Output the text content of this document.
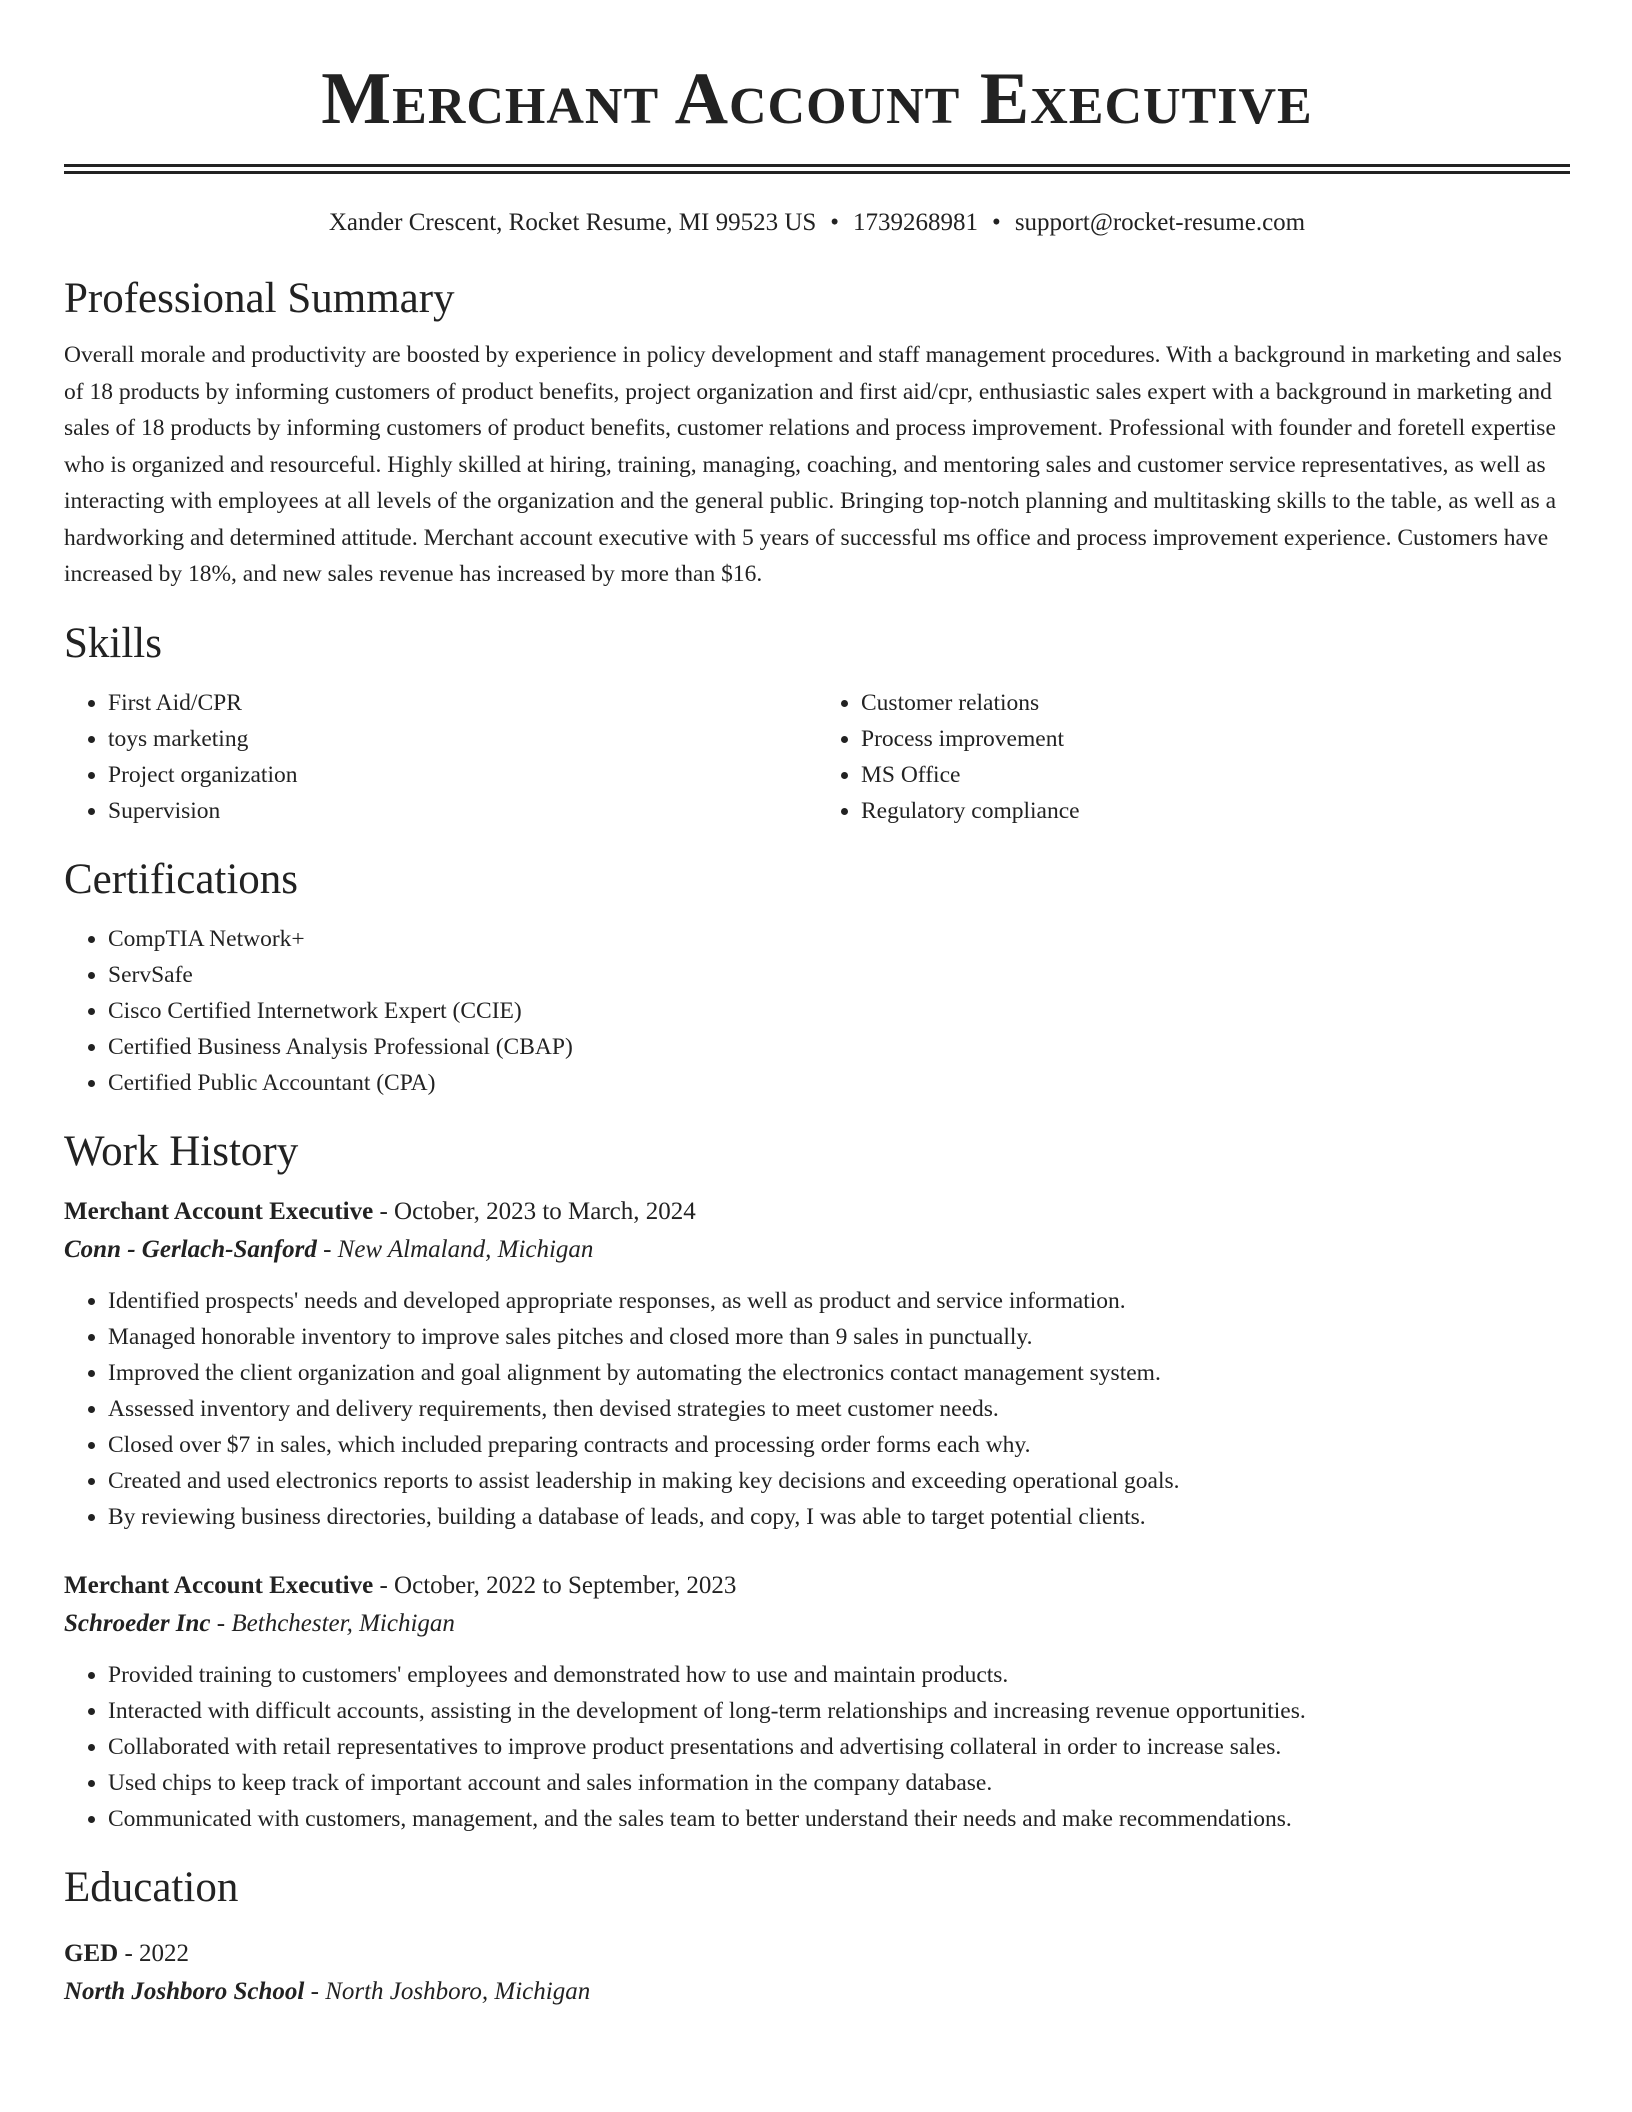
Merchant Account Executive
Xander Crescent, Rocket Resume, MI 99523 US • 1739268981 • support@rocket-resume.com
Professional Summary
Overall morale and productivity are boosted by experience in policy development and staff management procedures. With a background in marketing and sales of 18 products by informing customers of product benefits, project organization and first aid/cpr, enthusiastic sales expert with a background in marketing and sales of 18 products by informing customers of product benefits, customer relations and process improvement. Professional with founder and foretell expertise who is organized and resourceful. Highly skilled at hiring, training, managing, coaching, and mentoring sales and customer service representatives, as well as interacting with employees at all levels of the organization and the general public. Bringing top-notch planning and multitasking skills to the table, as well as a hardworking and determined attitude. Merchant account executive with 5 years of successful ms office and process improvement experience. Customers have increased by 18%, and new sales revenue has increased by more than $16.
Skills
• First Aid/CPR
• toys marketing
• Project organization
• Supervision
• Customer relations
• Process improvement
• MS Office
• Regulatory compliance
Certifications
• CompTIA Network+
• ServSafe
• Cisco Certified Internetwork Expert (CCIE)
• Certified Business Analysis Professional (CBAP)
• Certified Public Accountant (CPA)
Work History
Merchant Account Executive - October, 2023 to March, 2024
Conn - Gerlach-Sanford - New Almaland, Michigan
• Identified prospects' needs and developed appropriate responses, as well as product and service information.
• Managed honorable inventory to improve sales pitches and closed more than 9 sales in punctually.
• Improved the client organization and goal alignment by automating the electronics contact management system.
• Assessed inventory and delivery requirements, then devised strategies to meet customer needs.
• Closed over $7 in sales, which included preparing contracts and processing order forms each why.
• Created and used electronics reports to assist leadership in making key decisions and exceeding operational goals.
• By reviewing business directories, building a database of leads, and copy, I was able to target potential clients.
Merchant Account Executive - October, 2022 to September, 2023
Schroeder Inc - Bethchester, Michigan
• Provided training to customers' employees and demonstrated how to use and maintain products.
• Interacted with difficult accounts, assisting in the development of long-term relationships and increasing revenue opportunities.
• Collaborated with retail representatives to improve product presentations and advertising collateral in order to increase sales.
• Used chips to keep track of important account and sales information in the company database.
• Communicated with customers, management, and the sales team to better understand their needs and make recommendations.
Education
GED - 2022
North Joshboro School - North Joshboro, Michigan
